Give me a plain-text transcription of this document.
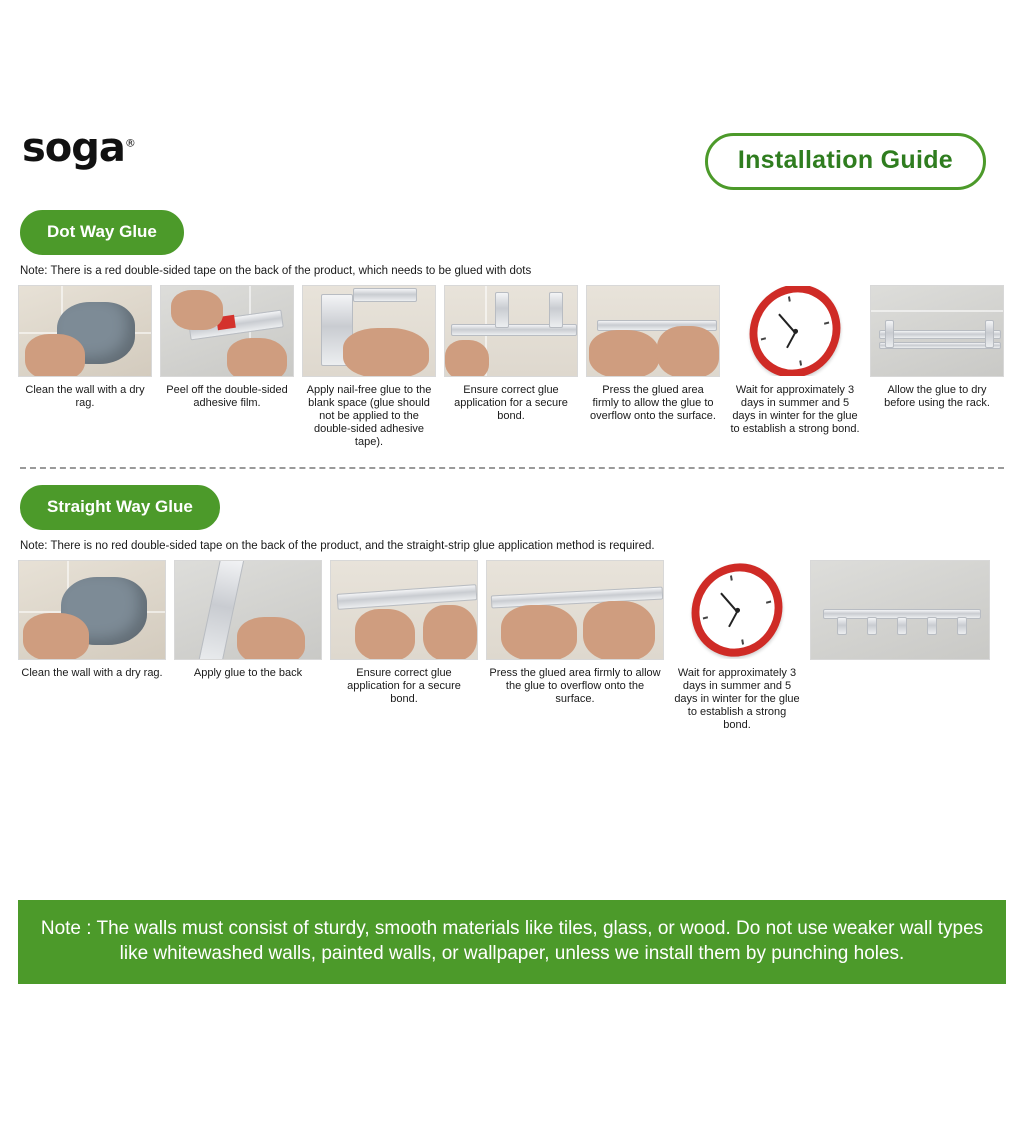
soga®
Installation Guide
Dot Way Glue
Note: There is a red double-sided tape on the back of the product, which needs to be glued with dots
Clean the wall with a dry rag.
Peel off the double-sided adhesive film.
Apply nail-free glue to the blank space (glue should not be applied to the double-sided adhesive tape).
Ensure correct glue application for a secure bond.
Press the glued area firmly to allow the glue to overflow onto the surface.
Wait for approximately 3 days in summer and 5 days in winter for the glue to establish a strong bond.
Allow the glue to dry before using the rack.
Straight Way Glue
Note: There is no red double-sided tape on the back of the product, and the straight-strip glue application method is required.
Clean the wall with a dry rag.	Apply glue to the back	Ensure correct glue application for a secure bond.
Press the glued area firmly to allow the glue to overflow onto the surface.
Wait for approximately 3 days in summer and 5 days in winter for the glue to establish a strong bond.
Note : The walls must consist of sturdy, smooth materials like tiles, glass, or wood. Do not use weaker wall types like whitewashed walls, painted walls, or wallpaper, unless we install them by punching holes.
